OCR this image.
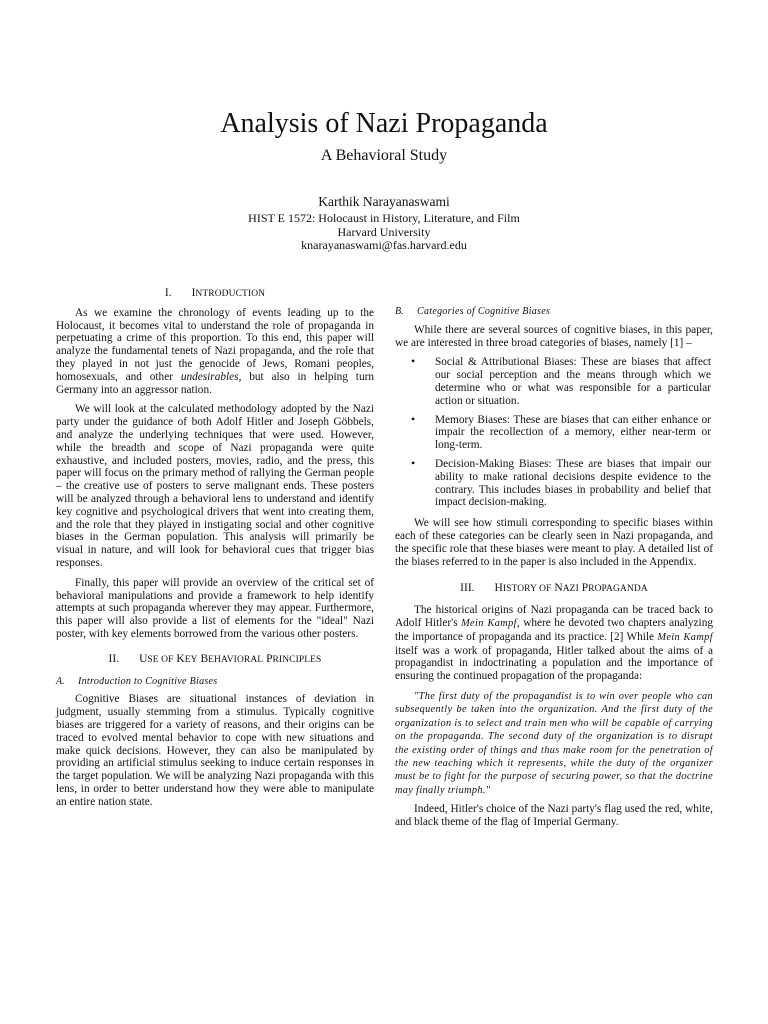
Analysis of Nazi Propaganda
A Behavioral Study
Karthik Narayanaswami
HIST E 1572: Holocaust in History, Literature, and Film
Harvard University
knarayanaswami@fas.harvard.edu
I. INTRODUCTION

As we examine the chronology of events leading up to the Holocaust, it becomes vital to understand the role of propaganda in perpetuating a crime of this proportion. To this end, this paper will analyze the fundamental tenets of Nazi propaganda, and the role that they played in not just the genocide of Jews, Romani peoples, homosexuals, and other undesirables, but also in helping turn Germany into an aggressor nation.

We will look at the calculated methodology adopted by the Nazi party under the guidance of both Adolf Hitler and Joseph Göbbels, and analyze the underlying techniques that were used. However, while the breadth and scope of Nazi propaganda were quite exhaustive, and included posters, movies, radio, and the press, this paper will focus on the primary method of rallying the German people – the creative use of posters to serve malignant ends. These posters will be analyzed through a behavioral lens to understand and identify key cognitive and psychological drivers that went into creating them, and the role that they played in instigating social and other cognitive biases in the German population. This analysis will primarily be visual in nature, and will look for behavioral cues that trigger bias responses.

Finally, this paper will provide an overview of the critical set of behavioral manipulations and provide a framework to help identify attempts at such propaganda wherever they may appear. Furthermore, this paper will also provide a list of elements for the "ideal" Nazi poster, with key elements borrowed from the various other posters.

II. USE OF KEY BEHAVIORAL PRINCIPLES
A. Introduction to Cognitive Biases

Cognitive Biases are situational instances of deviation in judgment, usually stemming from a stimulus. Typically cognitive biases are triggered for a variety of reasons, and their origins can be traced to evolved mental behavior to cope with new situations and make quick decisions. However, they can also be manipulated by providing an artificial stimulus seeking to induce certain responses in the target population. We will be analyzing Nazi propaganda with this lens, in order to better understand how they were able to manipulate an entire nation state.

B. Categories of Cognitive Biases

While there are several sources of cognitive biases, in this paper, we are interested in three broad categories of biases, namely [1] –

• Social & Attributional Biases: These are biases that affect our social perception and the means through which we determine who or what was responsible for a particular action or situation.
• Memory Biases: These are biases that can either enhance or impair the recollection of a memory, either near-term or long-term.
• Decision-Making Biases: These are biases that impair our ability to make rational decisions despite evidence to the contrary. This includes biases in probability and belief that impact decision-making.

We will see how stimuli corresponding to specific biases within each of these categories can be clearly seen in Nazi propaganda, and the specific role that these biases were meant to play. A detailed list of the biases referred to in the paper is also included in the Appendix.

III. HISTORY OF NAZI PROPAGANDA

The historical origins of Nazi propaganda can be traced back to Adolf Hitler's Mein Kampf, where he devoted two chapters analyzing the importance of propaganda and its practice. [2] While Mein Kampf itself was a work of propaganda, Hitler talked about the aims of a propagandist in indoctrinating a population and the importance of ensuring the continued propagation of the propaganda:

"The first duty of the propagandist is to win over people who can subsequently be taken into the organization. And the first duty of the organization is to select and train men who will be capable of carrying on the propaganda. The second duty of the organization is to disrupt the existing order of things and thus make room for the penetration of the new teaching which it represents, while the duty of the organizer must be to fight for the purpose of securing power, so that the doctrine may finally triumph."

Indeed, Hitler's choice of the Nazi party's flag used the red, white, and black theme of the flag of Imperial Germany.
